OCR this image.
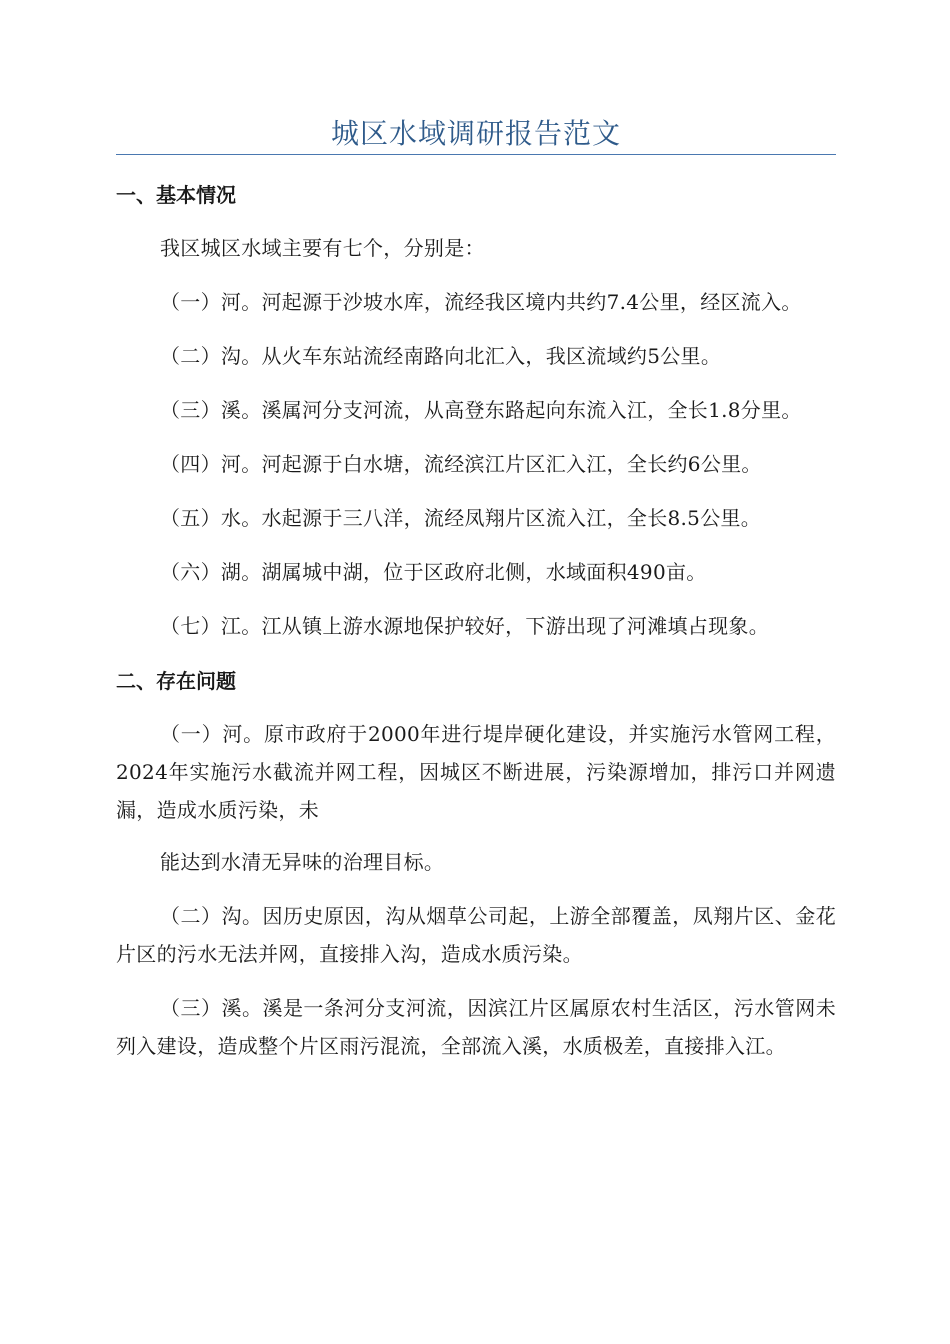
城区水域调研报告范文
一、基本情况

我区城区水域主要有七个，分别是：

（一）河。河起源于沙坡水库，流经我区境内共约7.4公里，经区流入。

（二）沟。从火车东站流经南路向北汇入，我区流域约5公里。

（三）溪。溪属河分支河流，从高登东路起向东流入江，全长1.8分里。

（四）河。河起源于白水塘，流经滨江片区汇入江，全长约6公里。

（五）水。水起源于三八洋，流经凤翔片区流入江，全长8.5公里。

（六）湖。湖属城中湖，位于区政府北侧，水域面积490亩。

（七）江。江从镇上游水源地保护较好，下游出现了河滩填占现象。

二、存在问题

（一）河。原市政府于2000年进行堤岸硬化建设，并实施污水管网工程，2024年实施污水截流并网工程，因城区不断进展，污染源增加，排污口并网遗漏，造成水质污染，未

能达到水清无异味的治理目标。

（二）沟。因历史原因，沟从烟草公司起，上游全部覆盖，凤翔片区、金花片区的污水无法并网，直接排入沟，造成水质污染。

（三）溪。溪是一条河分支河流，因滨江片区属原农村生活区，污水管网未列入建设，造成整个片区雨污混流，全部流入溪，水质极差，直接排入江。
